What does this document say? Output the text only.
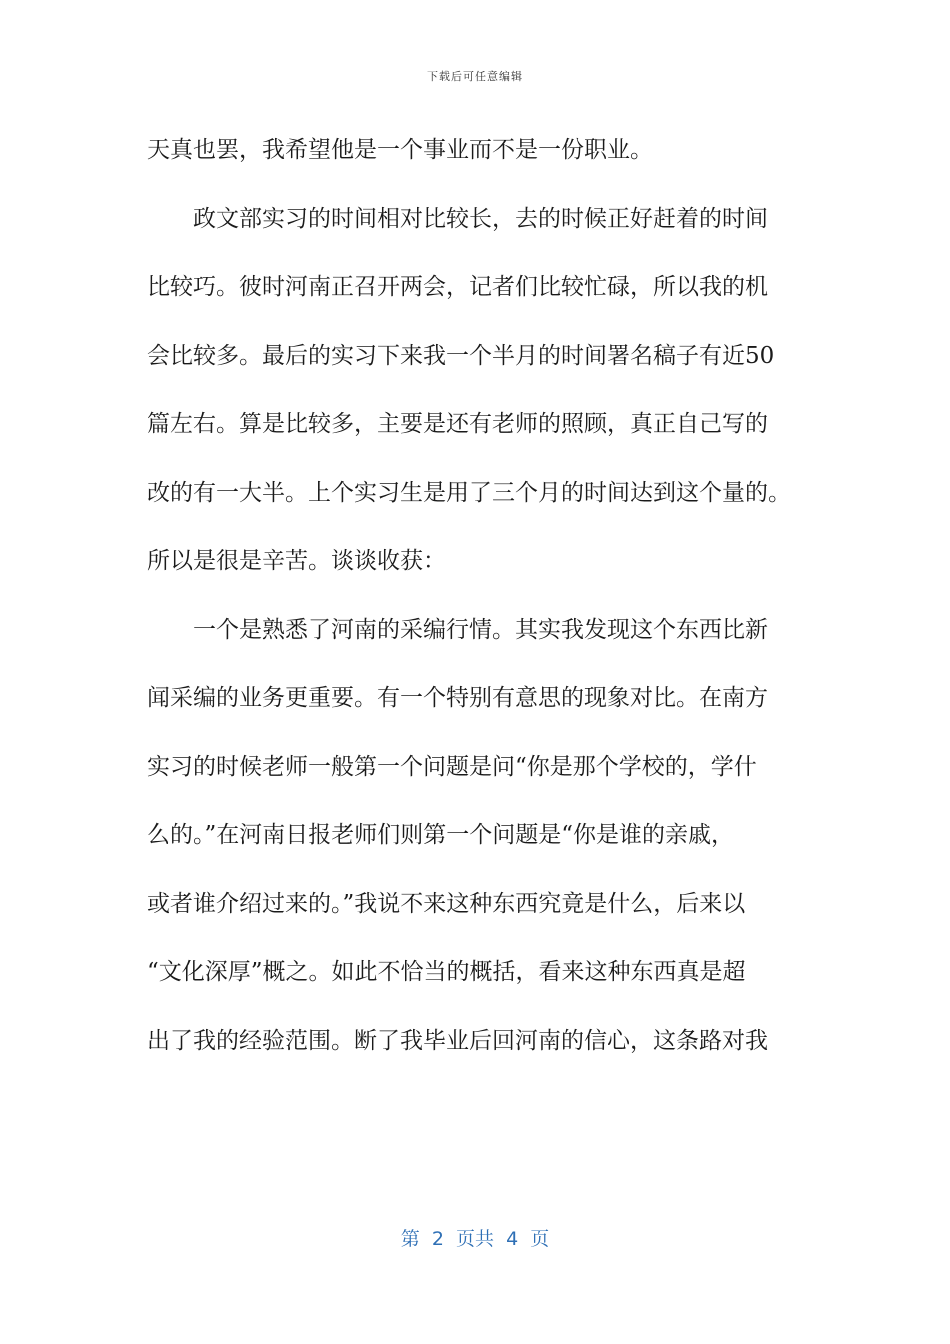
下载后可任意编辑
天真也罢，我希望他是一个事业而不是一份职业。
政文部实习的时间相对比较长，去的时候正好赶着的时间
比较巧。彼时河南正召开两会，记者们比较忙碌，所以我的机
会比较多。最后的实习下来我一个半月的时间署名稿子有近50
篇左右。算是比较多，主要是还有老师的照顾，真正自己写的
改的有一大半。上个实习生是用了三个月的时间达到这个量的。
所以是很是辛苦。谈谈收获：
一个是熟悉了河南的采编行情。其实我发现这个东西比新
闻采编的业务更重要。有一个特别有意思的现象对比。在南方
实习的时候老师一般第一个问题是问“你是那个学校的，学什
么的。”在河南日报老师们则第一个问题是“你是谁的亲戚，
或者谁介绍过来的。”我说不来这种东西究竟是什么，后来以
“文化深厚”概之。如此不恰当的概括，看来这种东西真是超
出了我的经验范围。断了我毕业后回河南的信心，这条路对我
第  2  页共  4  页
